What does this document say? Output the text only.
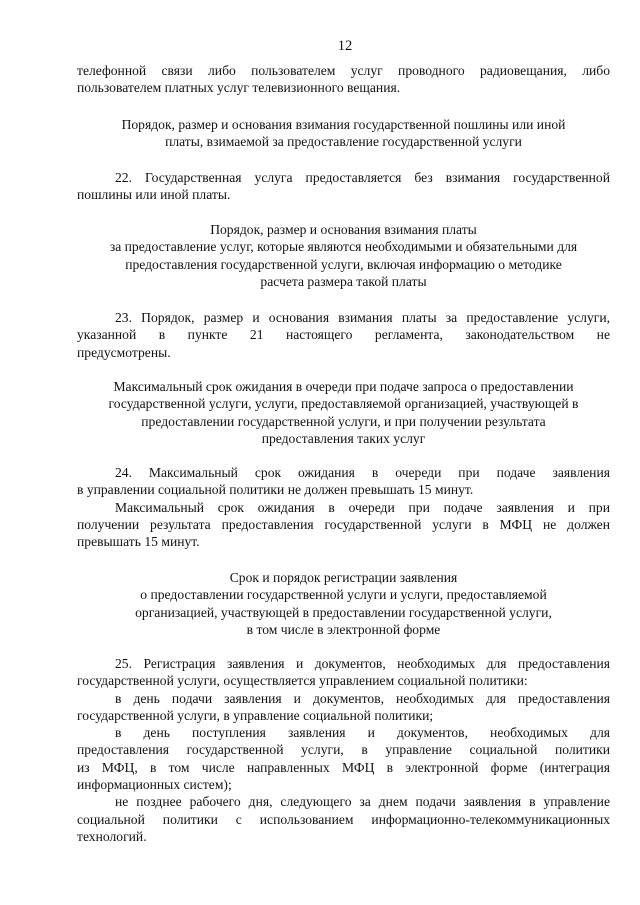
12
телефонной связи либо пользователем услуг проводного радиовещания, либо
пользователем платных услуг телевизионного вещания.
Порядок, размер и основания взимания государственной пошлины или иной
платы, взимаемой за предоставление государственной услуги
22. Государственная услуга предоставляется без взимания государственной
пошлины или иной платы.
Порядок, размер и основания взимания платы
за предоставление услуг, которые являются необходимыми и обязательными для
предоставления государственной услуги, включая информацию о методике
расчета размера такой платы
23. Порядок, размер и основания взимания платы за предоставление услуги,
указанной в пункте 21 настоящего регламента, законодательством не
предусмотрены.
Максимальный срок ожидания в очереди при подаче запроса о предоставлении
государственной услуги, услуги, предоставляемой организацией, участвующей в
предоставлении государственной услуги, и при получении результата
предоставления таких услуг
24. Максимальный срок ожидания в очереди при подаче заявления
в управлении социальной политики не должен превышать 15 минут.
Максимальный срок ожидания в очереди при подаче заявления и при
получении результата предоставления государственной услуги в МФЦ не должен
превышать 15 минут.
Срок и порядок регистрации заявления
о предоставлении государственной услуги и услуги, предоставляемой
организацией, участвующей в предоставлении государственной услуги,
в том числе в электронной форме
25. Регистрация заявления и документов, необходимых для предоставления
государственной услуги, осуществляется управлением социальной политики:
в день подачи заявления и документов, необходимых для предоставления
государственной услуги, в управление социальной политики;
в день поступления заявления и документов, необходимых для
предоставления государственной услуги, в управление социальной политики
из МФЦ, в том числе направленных МФЦ в электронной форме (интеграция
информационных систем);
не позднее рабочего дня, следующего за днем подачи заявления в управление
социальной политики с использованием информационно-телекоммуникационных
технологий.
